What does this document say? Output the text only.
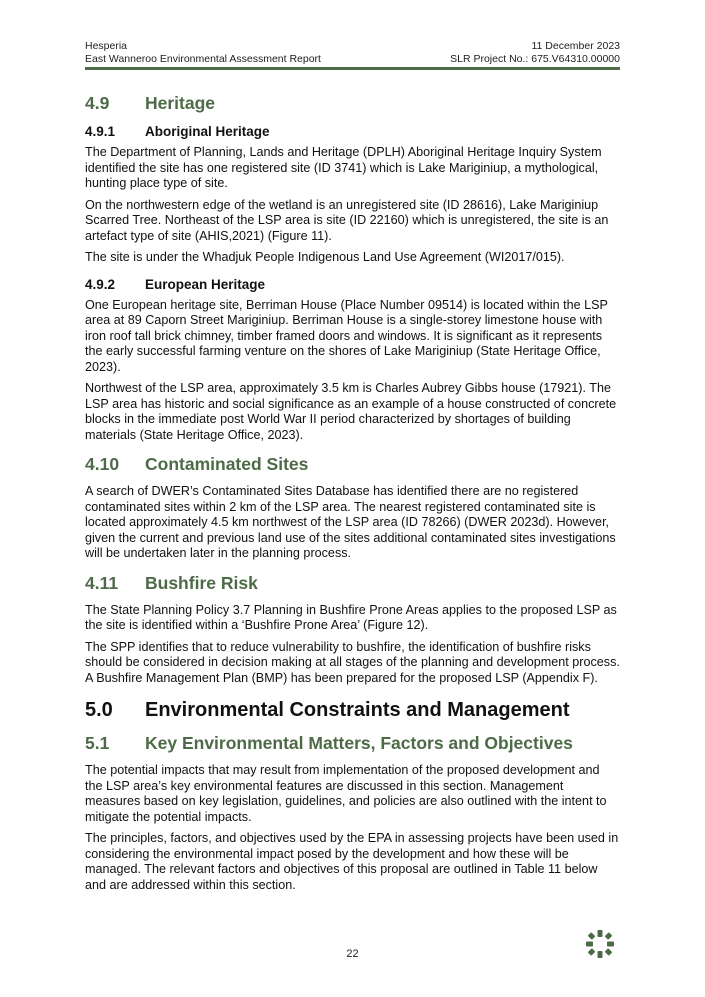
Hesperia	11 December 2023
East Wanneroo Environmental Assessment Report	SLR Project No.: 675.V64310.00000
4.9	Heritage
4.9.1	Aboriginal Heritage

The Department of Planning, Lands and Heritage (DPLH) Aboriginal Heritage Inquiry System identified the site has one registered site (ID 3741) which is Lake Mariginiup, a mythological, hunting place type of site.

On the northwestern edge of the wetland is an unregistered site (ID 28616), Lake Mariginiup Scarred Tree. Northeast of the LSP area is site (ID 22160) which is unregistered, the site is an artefact type of site (AHIS,2021) (Figure 11).

The site is under the Whadjuk People Indigenous Land Use Agreement (WI2017/015).

4.9.2	European Heritage

One European heritage site, Berriman House (Place Number 09514) is located within the LSP area at 89 Caporn Street Mariginiup. Berriman House is a single-storey limestone house with iron roof tall brick chimney, timber framed doors and windows. It is significant as it represents the early successful farming venture on the shores of Lake Mariginiup (State Heritage Office, 2023).

Northwest of the LSP area, approximately 3.5 km is Charles Aubrey Gibbs house (17921). The LSP area has historic and social significance as an example of a house constructed of concrete blocks in the immediate post World War II period characterized by shortages of building materials (State Heritage Office, 2023).

4.10	Contaminated Sites

A search of DWER’s Contaminated Sites Database has identified there are no registered contaminated sites within 2 km of the LSP area. The nearest registered contaminated site is located approximately 4.5 km northwest of the LSP area (ID 78266) (DWER 2023d). However, given the current and previous land use of the sites additional contaminated sites investigations will be undertaken later in the planning process.

4.11	Bushfire Risk

The State Planning Policy 3.7 Planning in Bushfire Prone Areas applies to the proposed LSP as the site is identified within a ‘Bushfire Prone Area’ (Figure 12).

The SPP identifies that to reduce vulnerability to bushfire, the identification of bushfire risks should be considered in decision making at all stages of the planning and development process. A Bushfire Management Plan (BMP) has been prepared for the proposed LSP (Appendix F).

5.0	Environmental Constraints and Management
5.1	Key Environmental Matters, Factors and Objectives

The potential impacts that may result from implementation of the proposed development and the LSP area’s key environmental features are discussed in this section. Management measures based on key legislation, guidelines, and policies are also outlined with the intent to mitigate the potential impacts.

The principles, factors, and objectives used by the EPA in assessing projects have been used in considering the environmental impact posed by the development and how these will be managed. The relevant factors and objectives of this proposal are outlined in Table 11 below and are addressed within this section.

22
